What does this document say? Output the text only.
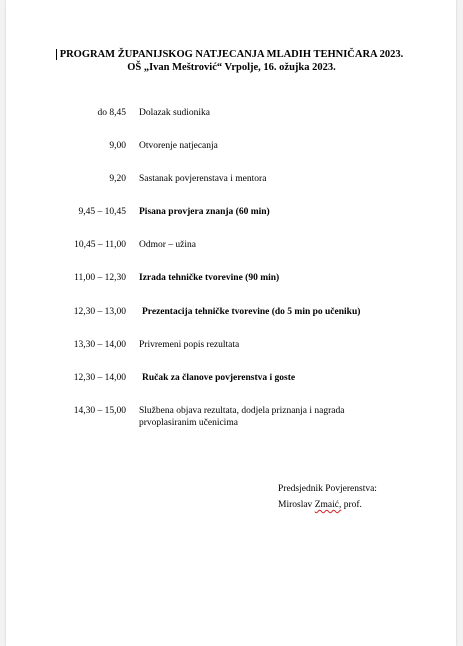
PROGRAM ŽUPANIJSKOG NATJECANJA MLADIH TEHNIČARA 2023.
OŠ „Ivan Meštrović“ Vrpolje, 16. ožujka 2023.
do 8,45 Dolazak sudionika
9,00 Otvorenje natjecanja
9,20 Sastanak povjerenstava i mentora
9,45 – 10,45 Pisana provjera znanja (60 min)
10,45 – 11,00 Odmor – užina
11,00 – 12,30 Izrada tehničke tvorevine (90 min)
12,30 – 13,00 Prezentacija tehničke tvorevine (do 5 min po učeniku)
13,30 – 14,00 Privremeni popis rezultata
12,30 – 14,00 Ručak za članove povjerenstva i goste
14,30 – 15,00 Službena objava rezultata, dodjela priznanja i nagrada prvoplasiranim učenicima
Predsjednik Povjerenstva:
Miroslav Zmaić, prof.
